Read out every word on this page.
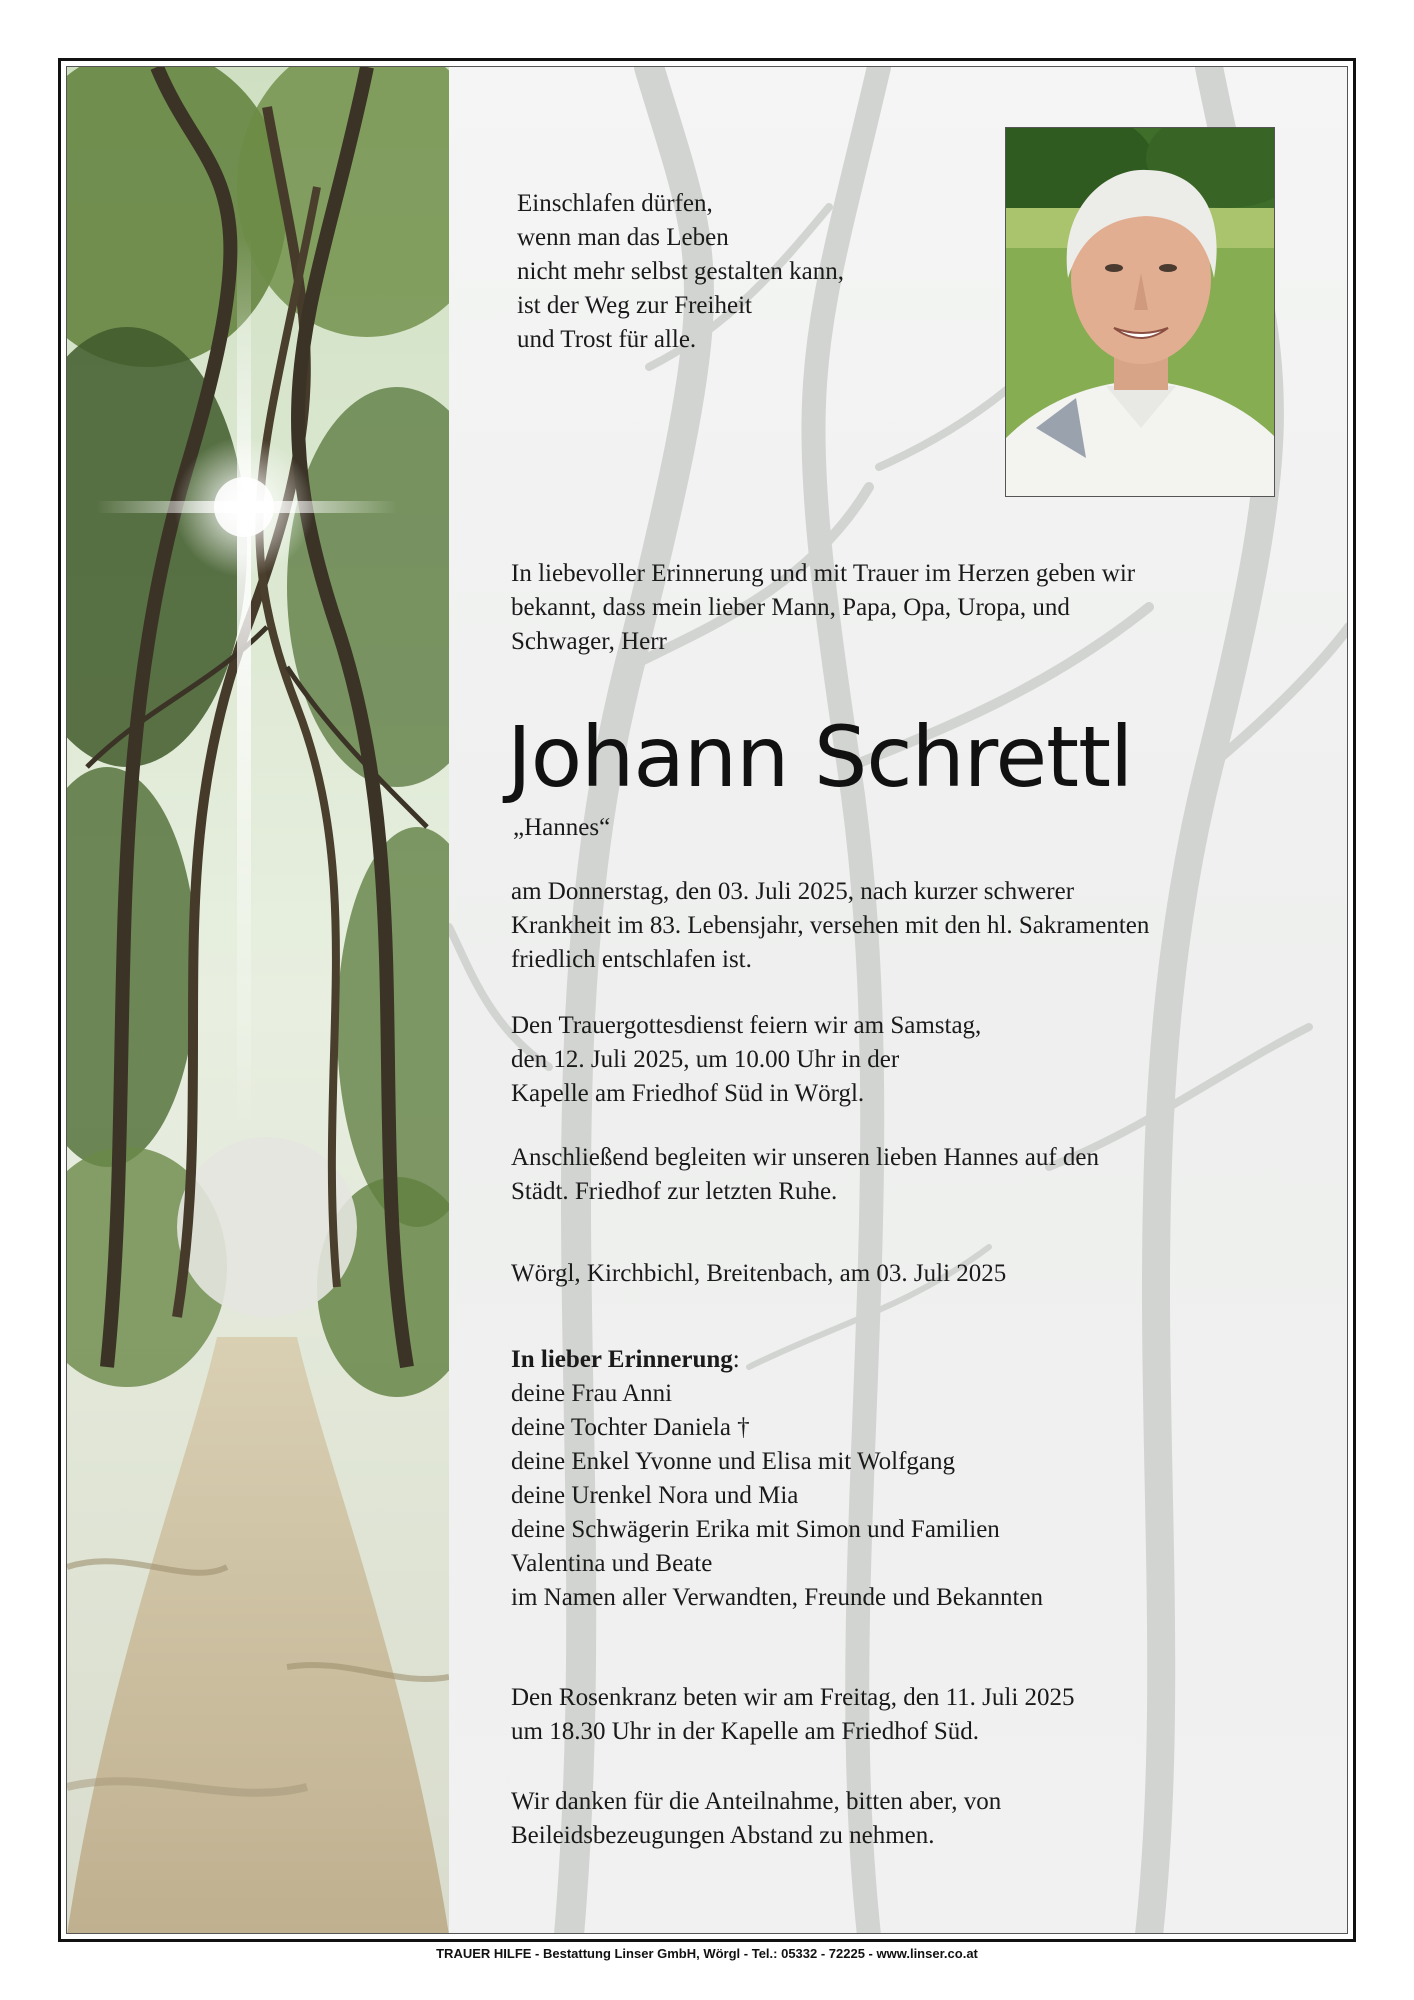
Einschlafen dürfen,
wenn man das Leben
nicht mehr selbst gestalten kann,
ist der Weg zur Freiheit
und Trost für alle.
In liebevoller Erinnerung und mit Trauer im Herzen geben wir
bekannt, dass mein lieber Mann, Papa, Opa, Uropa, und
Schwager, Herr
Johann Schrettl
„Hannes“
am Donnerstag, den 03. Juli 2025, nach kurzer schwerer
Krankheit im 83. Lebensjahr, versehen mit den hl. Sakramenten
friedlich entschlafen ist.
Den Trauergottesdienst feiern wir am Samstag,
den 12. Juli 2025, um 10.00 Uhr in der
Kapelle am Friedhof Süd in Wörgl.
Anschließend begleiten wir unseren lieben Hannes auf den
Städt. Friedhof zur letzten Ruhe.
Wörgl, Kirchbichl, Breitenbach, am 03. Juli 2025
In lieber Erinnerung:
deine Frau Anni
deine Tochter Daniela †
deine Enkel Yvonne und Elisa mit Wolfgang
deine Urenkel Nora und Mia
deine Schwägerin Erika mit Simon und Familien
Valentina und Beate
im Namen aller Verwandten, Freunde und Bekannten
Den Rosenkranz beten wir am Freitag, den 11. Juli 2025
um 18.30 Uhr in der Kapelle am Friedhof Süd.
Wir danken für die Anteilnahme, bitten aber, von
Beileidsbezeugungen Abstand zu nehmen.
TRAUER HILFE - Bestattung Linser GmbH, Wörgl - Tel.: 05332 - 72225 - www.linser.co.at
